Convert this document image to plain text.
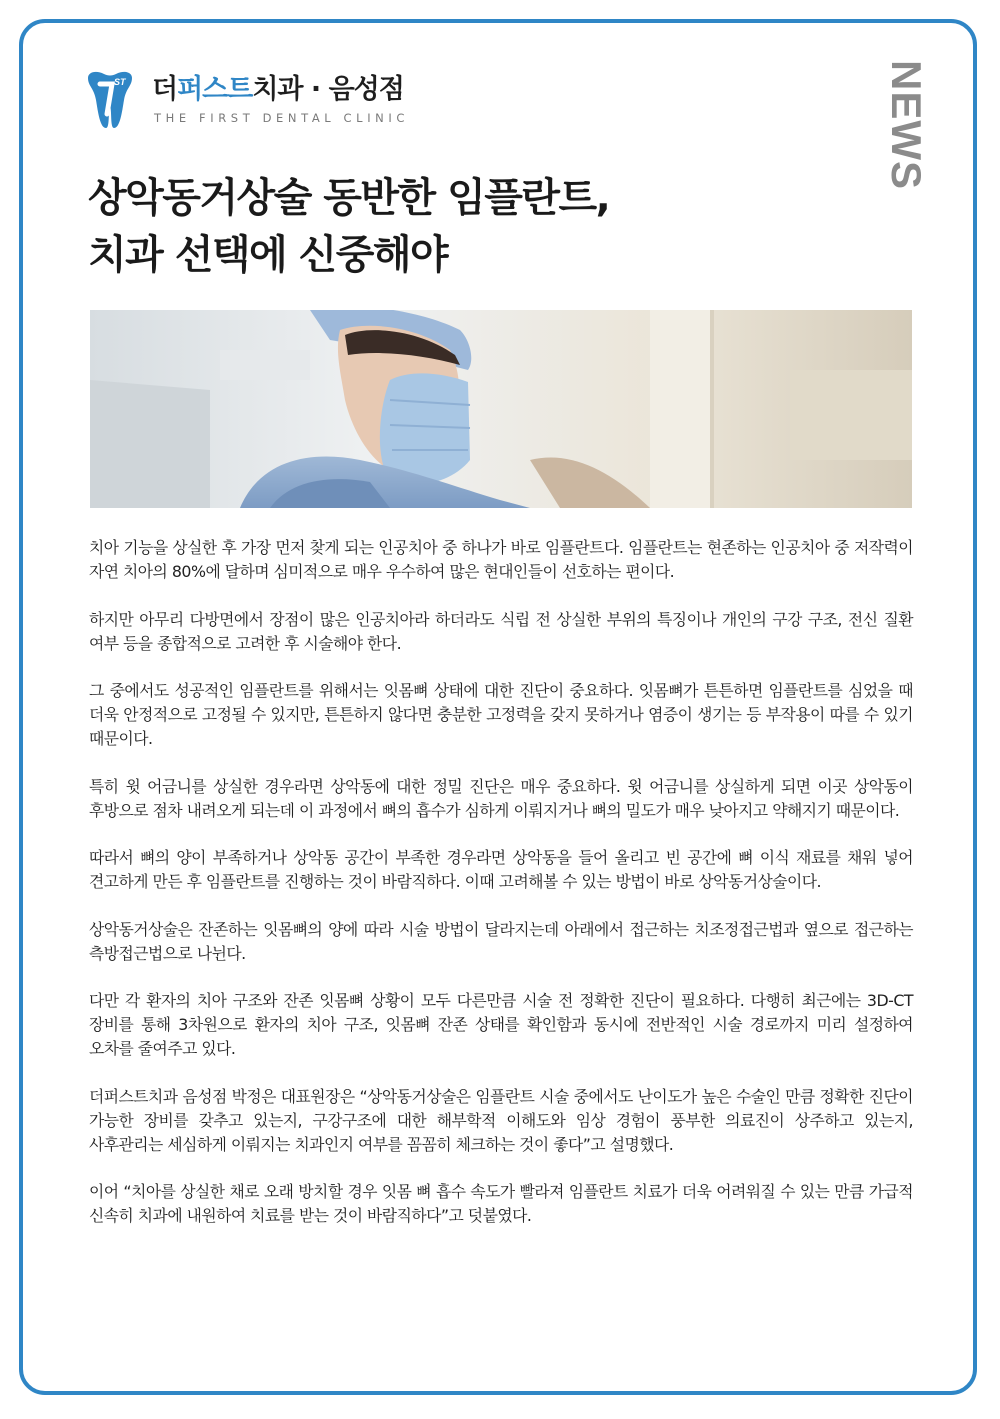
ST 더퍼스트치과 · 음성점
THE FIRST DENTAL CLINIC	NEWS
상악동거상술 동반한 임플란트,
치과 선택에 신중해야

치아 기능을 상실한 후 가장 먼저 찾게 되는 인공치아 중 하나가 바로 임플란트다. 임플란트는 현존하는 인공치아 중 저작력이 자연 치아의 80%에 달하며 심미적으로 매우 우수하여 많은 현대인들이 선호하는 편이다.

하지만 아무리 다방면에서 장점이 많은 인공치아라 하더라도 식립 전 상실한 부위의 특징이나 개인의 구강 구조, 전신 질환 여부 등을 종합적으로 고려한 후 시술해야 한다.

그 중에서도 성공적인 임플란트를 위해서는 잇몸뼈 상태에 대한 진단이 중요하다. 잇몸뼈가 튼튼하면 임플란트를 심었을 때 더욱 안정적으로 고정될 수 있지만, 튼튼하지 않다면 충분한 고정력을 갖지 못하거나 염증이 생기는 등 부작용이 따를 수 있기 때문이다.

특히 윗 어금니를 상실한 경우라면 상악동에 대한 정밀 진단은 매우 중요하다. 윗 어금니를 상실하게 되면 이곳 상악동이 후방으로 점차 내려오게 되는데 이 과정에서 뼈의 흡수가 심하게 이뤄지거나 뼈의 밀도가 매우 낮아지고 약해지기 때문이다.

따라서 뼈의 양이 부족하거나 상악동 공간이 부족한 경우라면 상악동을 들어 올리고 빈 공간에 뼈 이식 재료를 채워 넣어 견고하게 만든 후 임플란트를 진행하는 것이 바람직하다. 이때 고려해볼 수 있는 방법이 바로 상악동거상술이다.

상악동거상술은 잔존하는 잇몸뼈의 양에 따라 시술 방법이 달라지는데 아래에서 접근하는 치조정접근법과 옆으로 접근하는 측방접근법으로 나뉜다.

다만 각 환자의 치아 구조와 잔존 잇몸뼈 상황이 모두 다른만큼 시술 전 정확한 진단이 필요하다. 다행히 최근에는 3D-CT 장비를 통해 3차원으로 환자의 치아 구조, 잇몸뼈 잔존 상태를 확인함과 동시에 전반적인 시술 경로까지 미리 설정하여 오차를 줄여주고 있다.

더퍼스트치과 음성점 박정은 대표원장은 “상악동거상술은 임플란트 시술 중에서도 난이도가 높은 수술인 만큼 정확한 진단이 가능한 장비를 갖추고 있는지, 구강구조에 대한 해부학적 이해도와 임상 경험이 풍부한 의료진이 상주하고 있는지, 사후관리는 세심하게 이뤄지는 치과인지 여부를 꼼꼼히 체크하는 것이 좋다”고 설명했다.

이어 “치아를 상실한 채로 오래 방치할 경우 잇몸 뼈 흡수 속도가 빨라져 임플란트 치료가 더욱 어려워질 수 있는 만큼 가급적 신속히 치과에 내원하여 치료를 받는 것이 바람직하다”고 덧붙였다.
